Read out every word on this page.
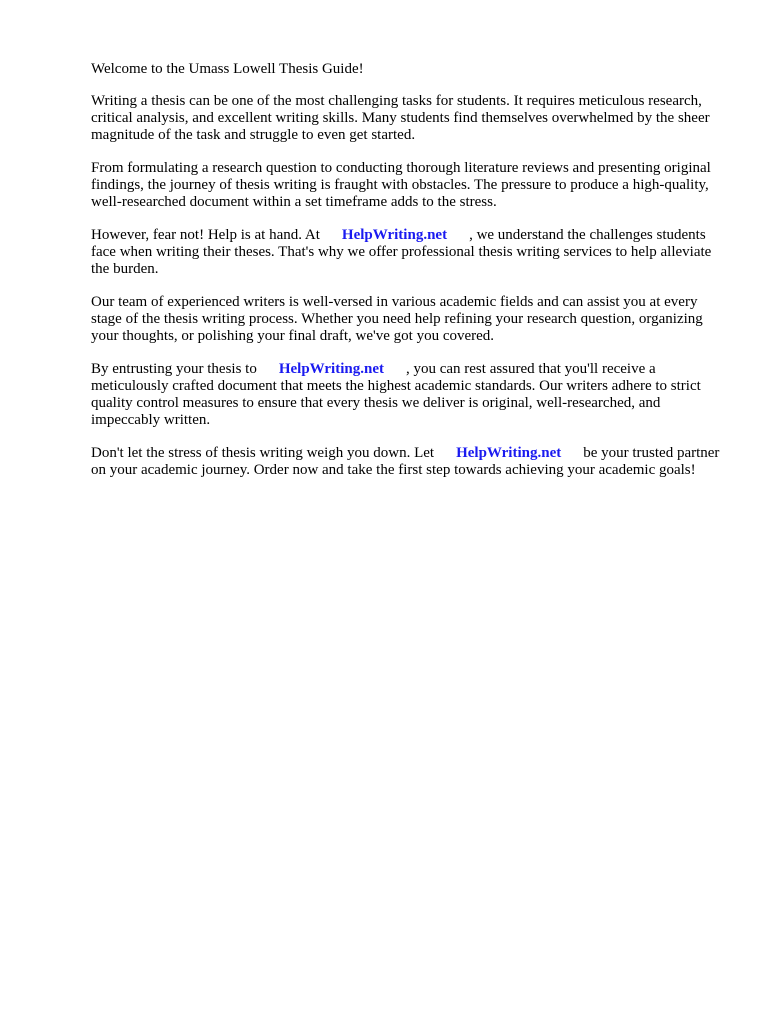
Welcome to the Umass Lowell Thesis Guide!

Writing a thesis can be one of the most challenging tasks for students. It requires meticulous research, critical analysis, and excellent writing skills. Many students find themselves overwhelmed by the sheer magnitude of the task and struggle to even get started.

From formulating a research question to conducting thorough literature reviews and presenting original findings, the journey of thesis writing is fraught with obstacles. The pressure to produce a high-quality, well-researched document within a set timeframe adds to the stress.

However, fear not! Help is at hand. At HelpWriting.net , we understand the challenges students face when writing their theses. That's why we offer professional thesis writing services to help alleviate the burden.

Our team of experienced writers is well-versed in various academic fields and can assist you at every stage of the thesis writing process. Whether you need help refining your research question, organizing your thoughts, or polishing your final draft, we've got you covered.

By entrusting your thesis to HelpWriting.net , you can rest assured that you'll receive a meticulously crafted document that meets the highest academic standards. Our writers adhere to strict quality control measures to ensure that every thesis we deliver is original, well-researched, and impeccably written.

Don't let the stress of thesis writing weigh you down. Let HelpWriting.net be your trusted partner on your academic journey. Order now and take the first step towards achieving your academic goals!
